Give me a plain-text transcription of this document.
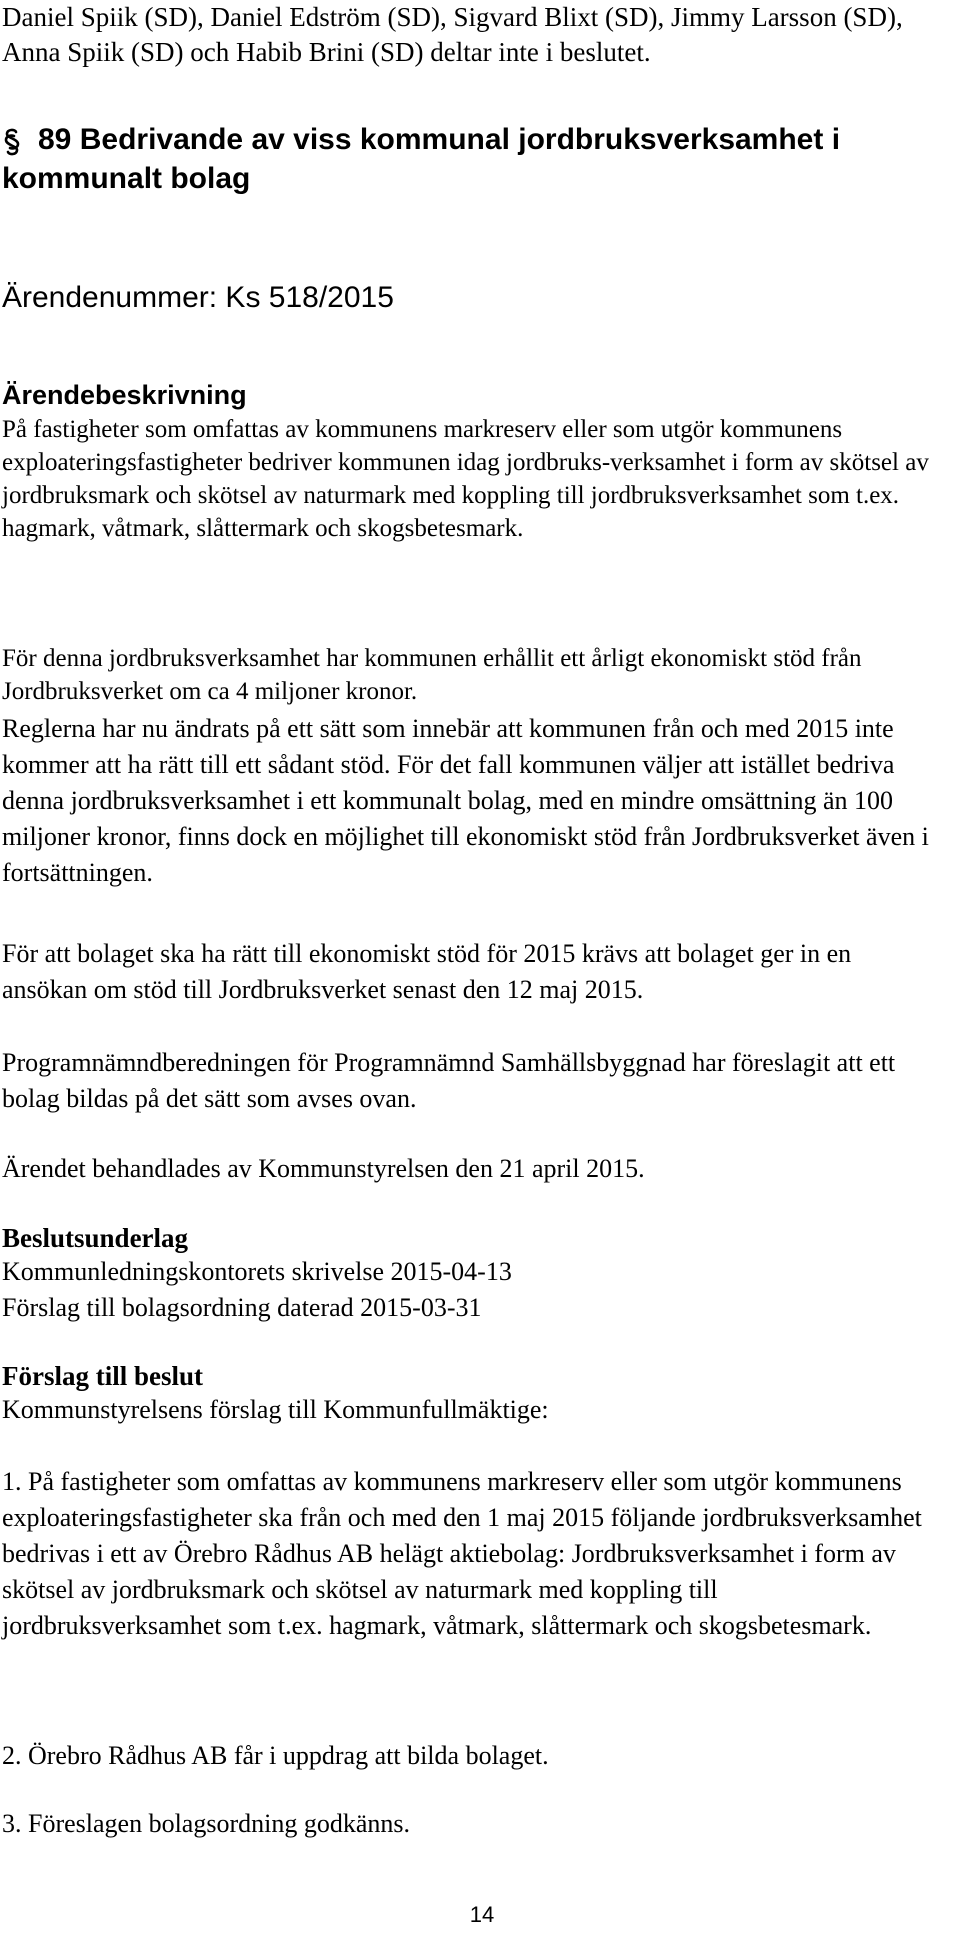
Daniel Spiik (SD), Daniel Edström (SD), Sigvard Blixt (SD), Jimmy Larsson (SD), Anna Spiik (SD) och Habib Brini (SD) deltar inte i beslutet.
89 Bedrivande av viss kommunal jordbruksverksamhet i kommunalt bolag
Ärendenummer: Ks 518/2015
Ärendebeskrivning
På fastigheter som omfattas av kommunens markreserv eller som utgör kommunens exploateringsfastigheter bedriver kommunen idag jordbruks-verksamhet i form av skötsel av jordbruksmark och skötsel av naturmark med koppling till jordbruksverksamhet som t.ex. hagmark, våtmark, slåttermark och skogsbetesmark.
För denna jordbruksverksamhet har kommunen erhållit ett årligt ekonomiskt stöd från Jordbruksverket om ca 4 miljoner kronor.
Reglerna har nu ändrats på ett sätt som innebär att kommunen från och med 2015 inte kommer att ha rätt till ett sådant stöd. För det fall kommunen väljer att istället bedriva denna jordbruksverksamhet i ett kommunalt bolag, med en mindre omsättning än 100 miljoner kronor, finns dock en möjlighet till ekonomiskt stöd från Jordbruksverket även i fortsättningen.
För att bolaget ska ha rätt till ekonomiskt stöd för 2015 krävs att bolaget ger in en ansökan om stöd till Jordbruksverket senast den 12 maj 2015.
Programnämndberedningen för Programnämnd Samhällsbyggnad har föreslagit att ett bolag bildas på det sätt som avses ovan.
Ärendet behandlades av Kommunstyrelsen den 21 april 2015.
Beslutsunderlag
Kommunledningskontorets skrivelse 2015-04-13
Förslag till bolagsordning daterad 2015-03-31
Förslag till beslut
Kommunstyrelsens förslag till Kommunfullmäktige:
1. På fastigheter som omfattas av kommunens markreserv eller som utgör kommunens exploateringsfastigheter ska från och med den 1 maj 2015 följande jordbruksverksamhet bedrivas i ett av Örebro Rådhus AB helägt aktiebolag: Jordbruksverksamhet i form av skötsel av jordbruksmark och skötsel av naturmark med koppling till jordbruksverksamhet som t.ex. hagmark, våtmark, slåttermark och skogsbetesmark.
2. Örebro Rådhus AB får i uppdrag att bilda bolaget.
3. Föreslagen bolagsordning godkänns.
14
